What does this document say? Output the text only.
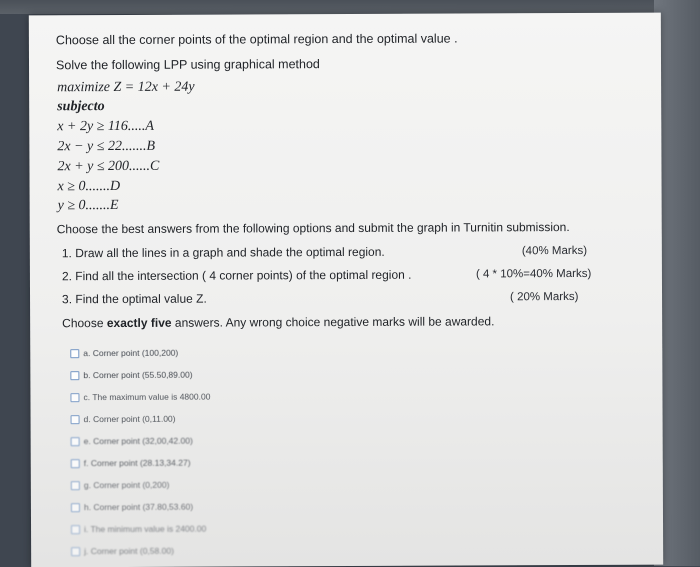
Choose all the corner points of the optimal region and the optimal value .
Solve the following LPP using graphical method
maximize Z = 12x + 24y
subjecto
x + 2y ≥ 116.....A
2x − y ≤ 22.......B
2x + y ≤ 200......C
x ≥ 0.......D
y ≥ 0.......E
Choose the best answers from the following options and submit the graph in Turnitin submission.
1. Draw all the lines in a graph and shade the optimal region.	(40% Marks)
2. Find all the intersection ( 4 corner points) of the optimal region .	( 4 * 10%=40% Marks)
3. Find the optimal value Z.	( 20% Marks)
Choose exactly five answers. Any wrong choice negative marks will be awarded.
a. Corner point (100,200)
b. Corner point (55.50,89.00)
c. The maximum value is 4800.00
d. Corner point (0,11.00)
e. Corner point (32,00,42.00)
f. Corner point (28.13,34.27)
g. Corner point (0,200)
h. Corner point (37.80,53.60)
i. The minimum value is 2400.00
j. Corner point (0,58.00)
